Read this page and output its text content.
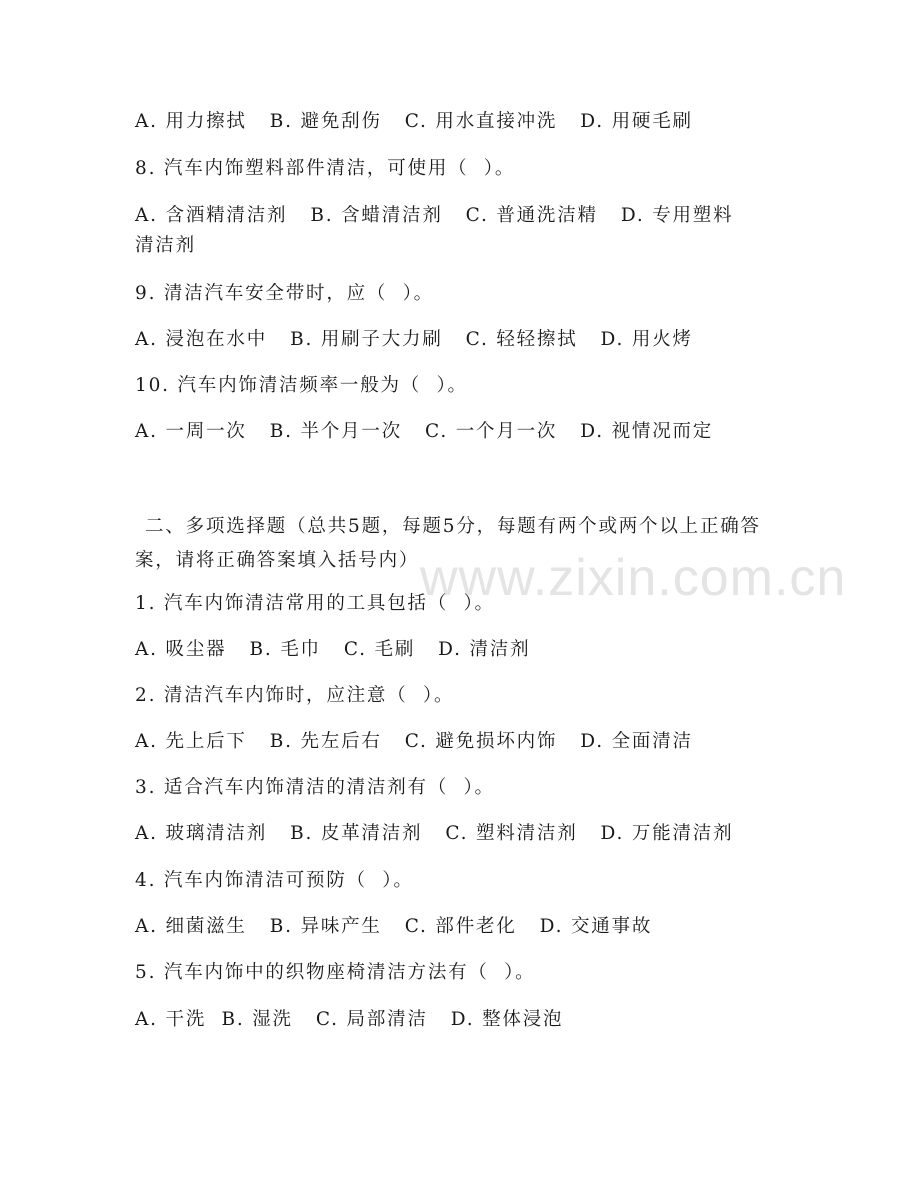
www.zixin.com.cn

A. 用力擦拭   B. 避免刮伤   C. 用水直接冲洗   D. 用硬毛刷

8. 汽车内饰塑料部件清洁，可使用（  ）。

A. 含酒精清洁剂   B. 含蜡清洁剂   C. 普通洗洁精   D. 专用塑料

清洁剂

9. 清洁汽车安全带时，应（  ）。

A. 浸泡在水中   B. 用刷子大力刷   C. 轻轻擦拭   D. 用火烤

10. 汽车内饰清洁频率一般为（  ）。

A. 一周一次   B. 半个月一次   C. 一个月一次   D. 视情况而定

二、多项选择题（总共5题，每题5分，每题有两个或两个以上正确答案，请将正确答案填入括号内）

1. 汽车内饰清洁常用的工具包括（  ）。

A. 吸尘器   B. 毛巾   C. 毛刷   D. 清洁剂

2. 清洁汽车内饰时，应注意（  ）。

A. 先上后下   B. 先左后右   C. 避免损坏内饰   D. 全面清洁

3. 适合汽车内饰清洁的清洁剂有（  ）。

A. 玻璃清洁剂   B. 皮革清洁剂   C. 塑料清洁剂   D. 万能清洁剂

4. 汽车内饰清洁可预防（  ）。

A. 细菌滋生   B. 异味产生   C. 部件老化   D. 交通事故

5. 汽车内饰中的织物座椅清洁方法有（  ）。

A. 干洗  B. 湿洗   C. 局部清洁   D. 整体浸泡
